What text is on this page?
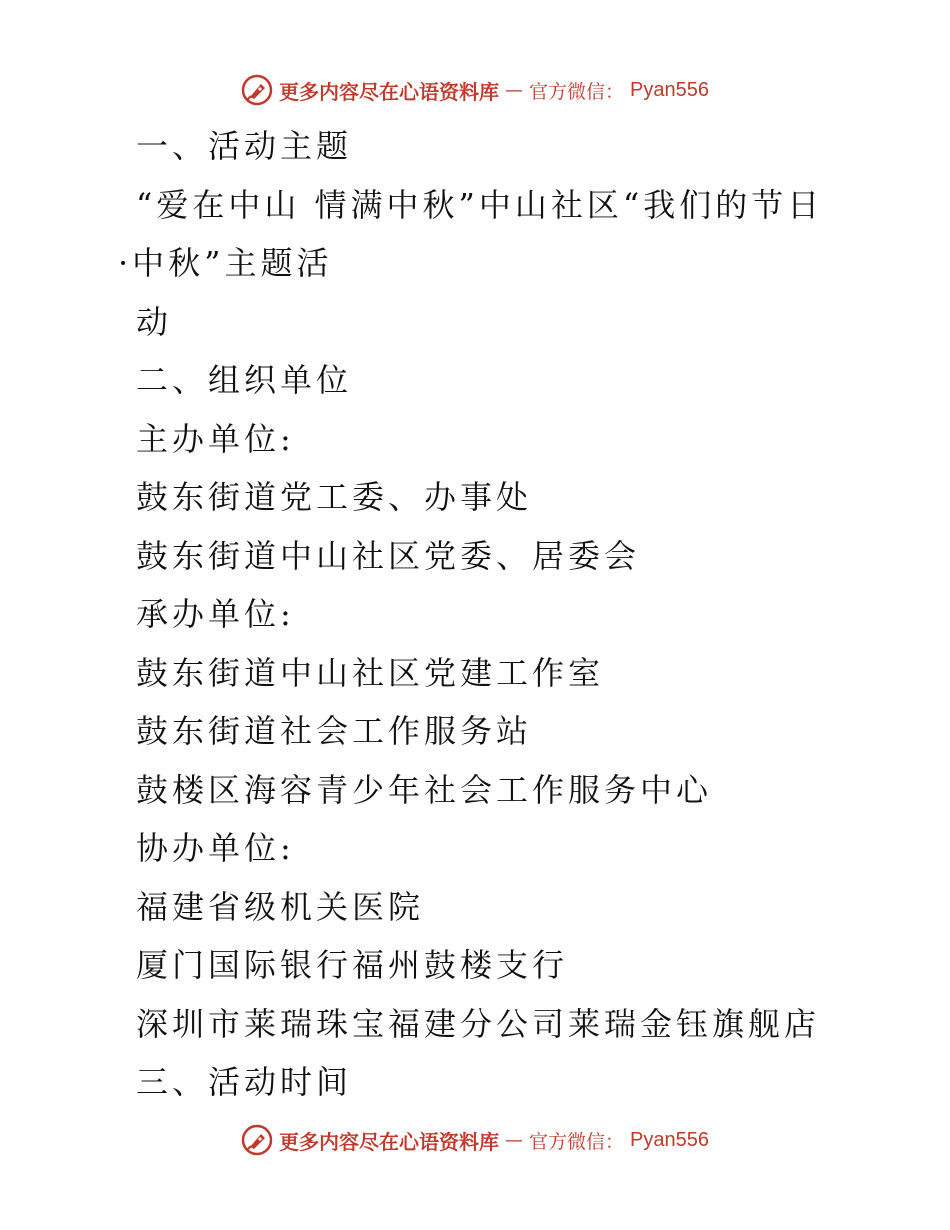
更多内容尽在心语资料库 — 官方微信： Pyan556
一、活动主题
“爱在中山 情满中秋”中山社区“我们的节日
·中秋”主题活
动
二、组织单位
主办单位:
鼓东街道党工委、办事处
鼓东街道中山社区党委、居委会
承办单位:
鼓东街道中山社区党建工作室
鼓东街道社会工作服务站
鼓楼区海容青少年社会工作服务中心
协办单位:
福建省级机关医院
厦门国际银行福州鼓楼支行
深圳市莱瑞珠宝福建分公司莱瑞金钰旗舰店
三、活动时间
更多内容尽在心语资料库 — 官方微信： Pyan556
